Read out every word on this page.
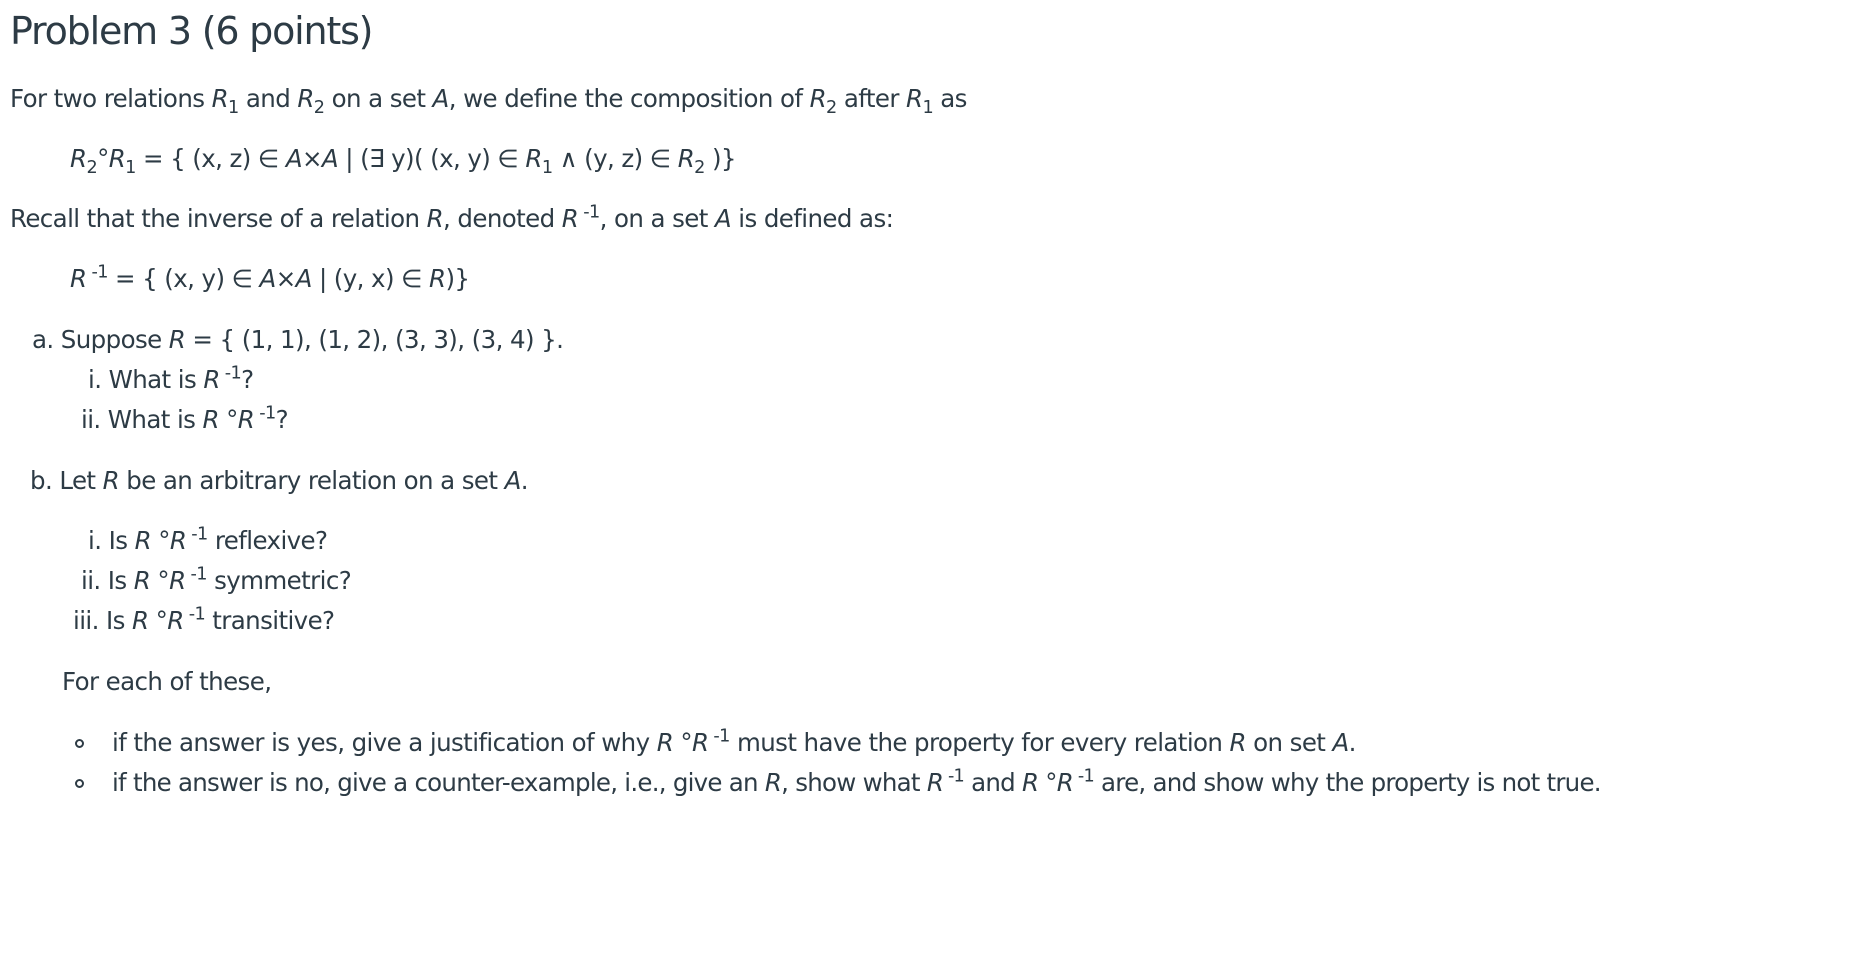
Problem 3 (6 points)
For two relations $R_1$ and $R_2$ on a set A, we define the composition of $R_2$ after $R_1$ as
$R_2^\circ R_1$ = { (x, z) ∈ A×A | (∃ y)( (x, y) ∈ $R_1$ ∧ (y, z) ∈ $R_2$ )}
Recall that the inverse of a relation R, denoted R $^{-1}$, on a set A is defined as:
R $^{-1}$ = { (x, y) ∈ A×A | (y, x) ∈ R)}
a. Suppose R = { (1, 1), (1, 2), (3, 3), (3, 4) }.
i. What is R $^{-1}$?
ii. What is R °R $^{-1}$?
b. Let R be an arbitrary relation on a set A.
i. Is R °R $^{-1}$ reflexive?
ii. Is R °R $^{-1}$ symmetric?
iii. Is R °R $^{-1}$ transitive?
For each of these,
if the answer is yes, give a justification of why R °R $^{-1}$ must have the property for every relation R on set A.
if the answer is no, give a counter-example, i.e., give an R, show what R $^{-1}$ and R °R $^{-1}$ are, and show why the property is not true.
